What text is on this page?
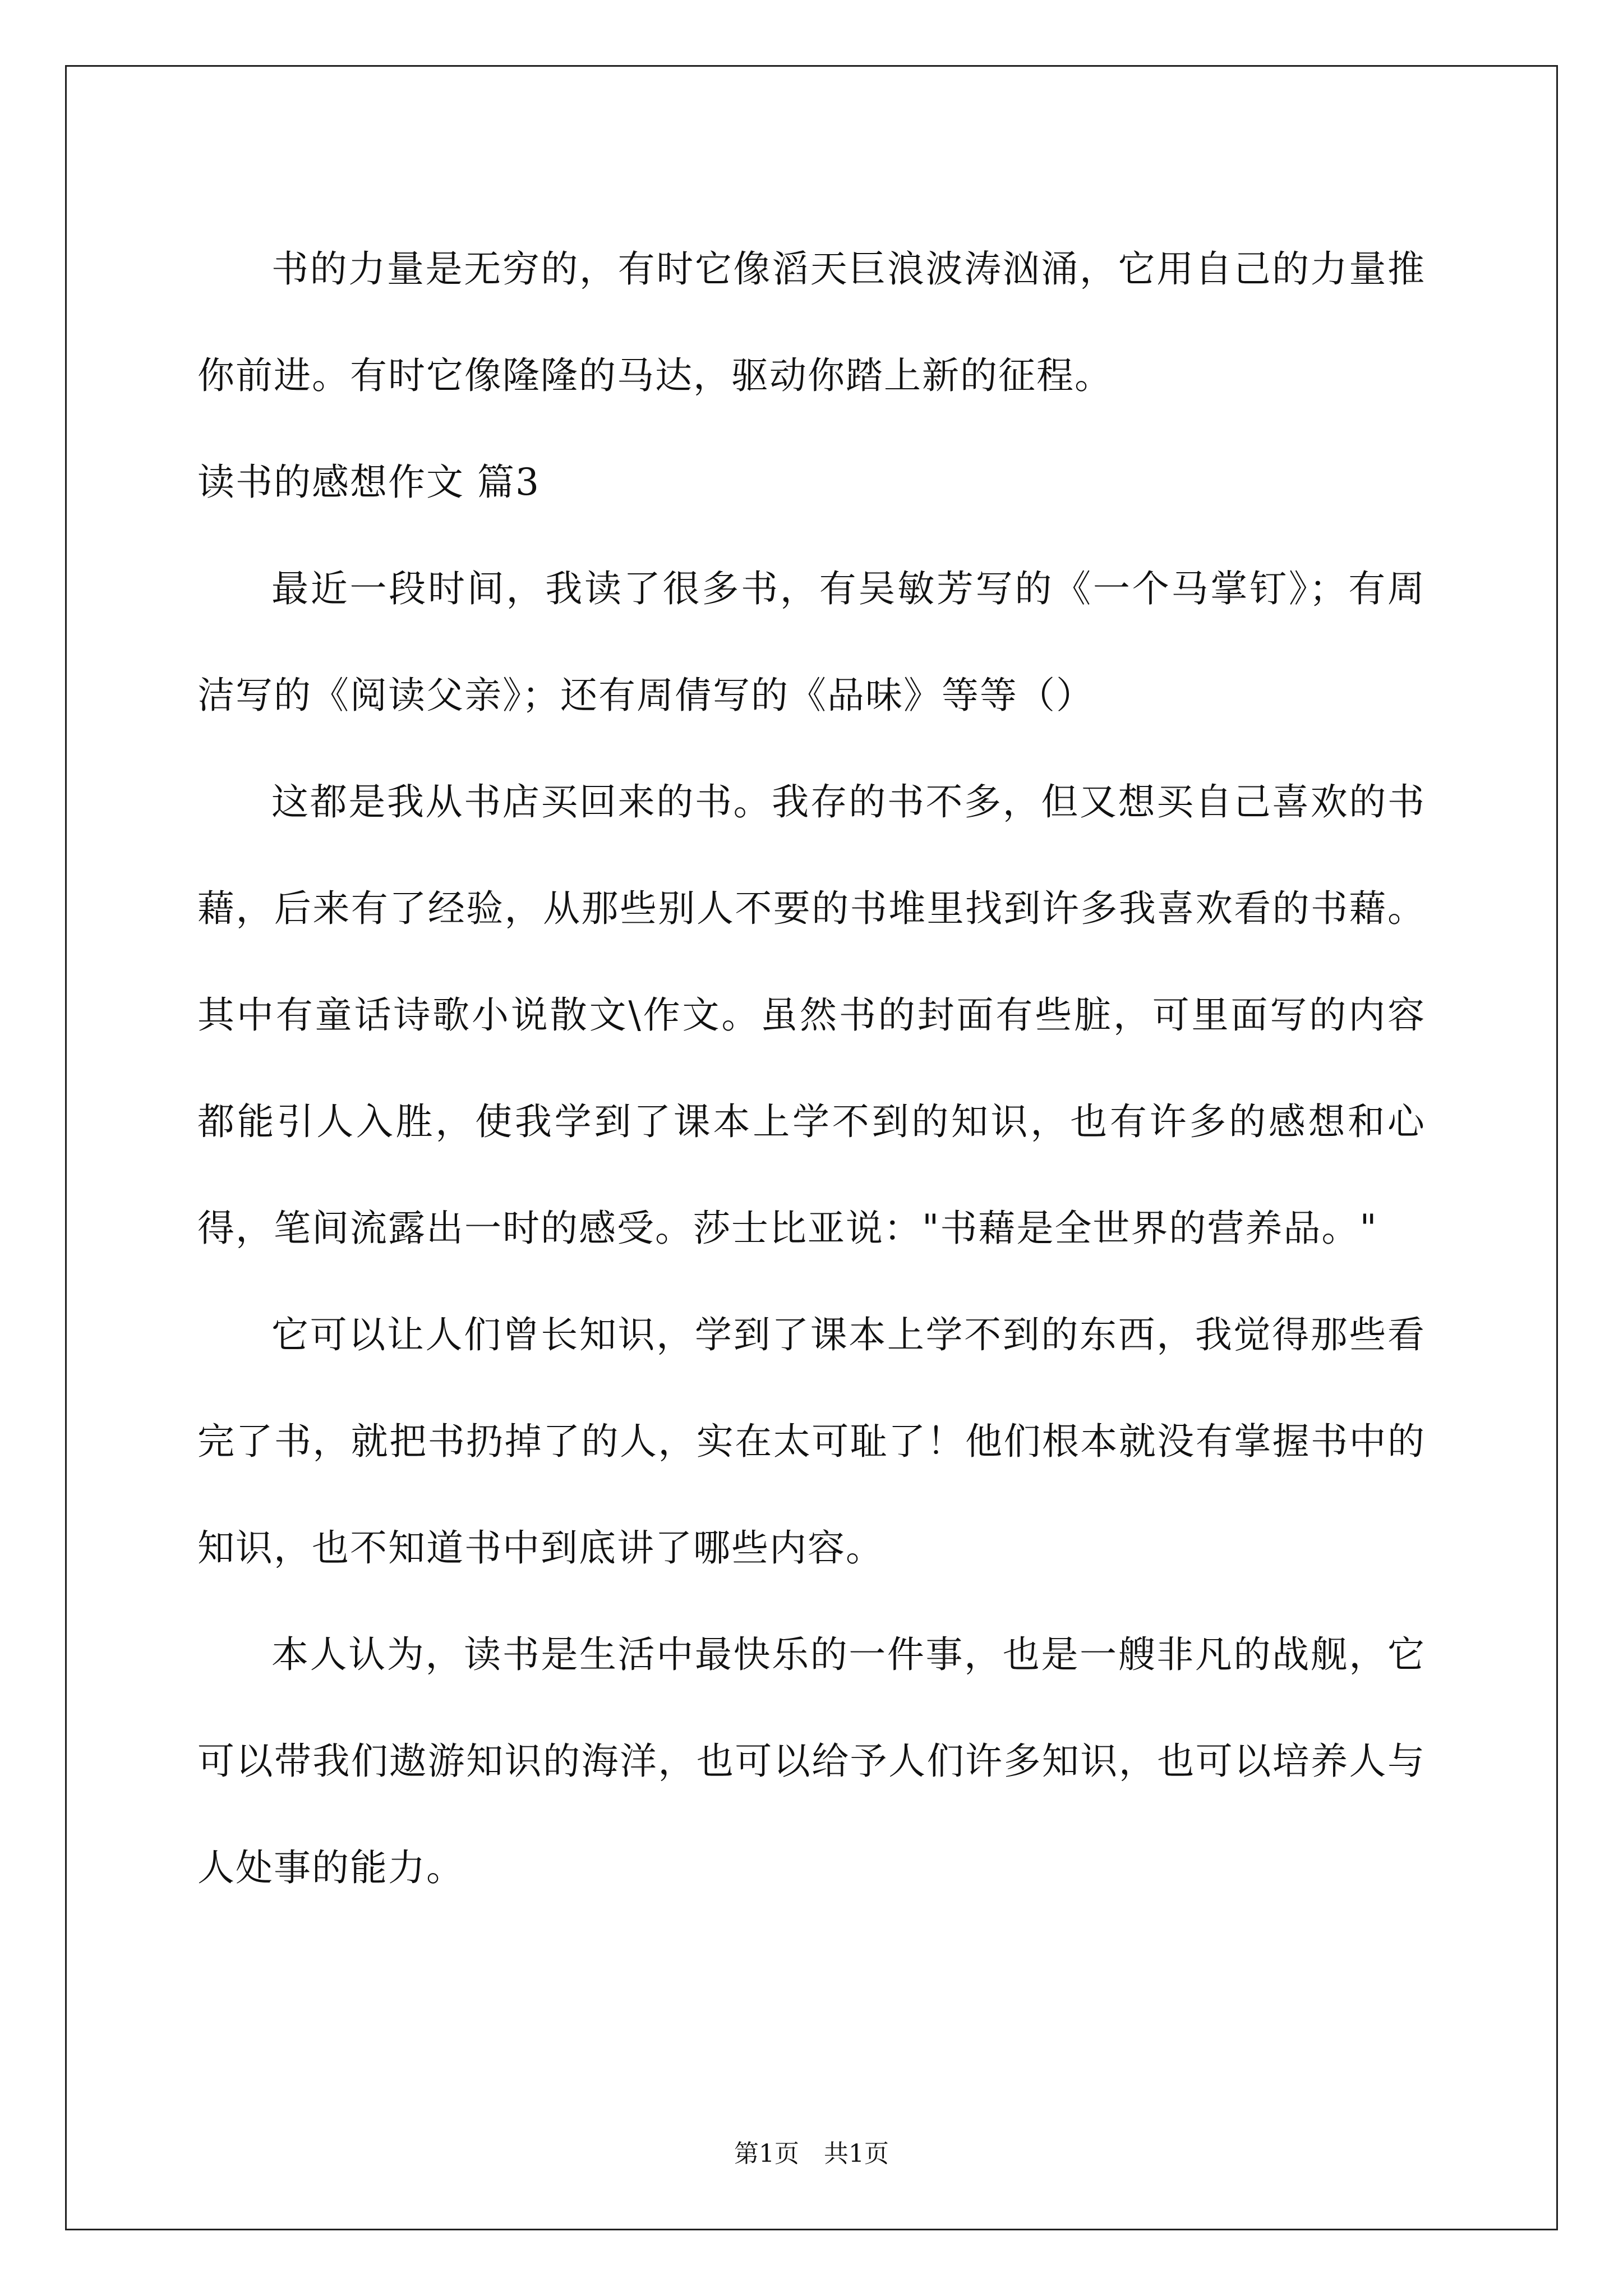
书的力量是无穷的，有时它像滔天巨浪波涛汹涌，它用自己的力量推你前进。有时它像隆隆的马达，驱动你踏上新的征程。

读书的感想作文 篇3

最近一段时间，我读了很多书，有吴敏芳写的《一个马掌钉》；有周洁写的《阅读父亲》；还有周倩写的《品味》等等（）

这都是我从书店买回来的书。我存的书不多，但又想买自己喜欢的书藉，后来有了经验，从那些别人不要的书堆里找到许多我喜欢看的书藉。其中有童话诗歌小说散文\作文。虽然书的封面有些脏，可里面写的内容都能引人入胜，使我学到了课本上学不到的知识，也有许多的感想和心得，笔间流露出一时的感受。莎士比亚说："书藉是全世界的营养品。"

它可以让人们曾长知识，学到了课本上学不到的东西，我觉得那些看完了书，就把书扔掉了的人，实在太可耻了！他们根本就没有掌握书中的知识，也不知道书中到底讲了哪些内容。

本人认为，读书是生活中最快乐的一件事，也是一艘非凡的战舰，它可以带我们遨游知识的海洋，也可以给予人们许多知识，也可以培养人与人处事的能力。

第1页　共1页
